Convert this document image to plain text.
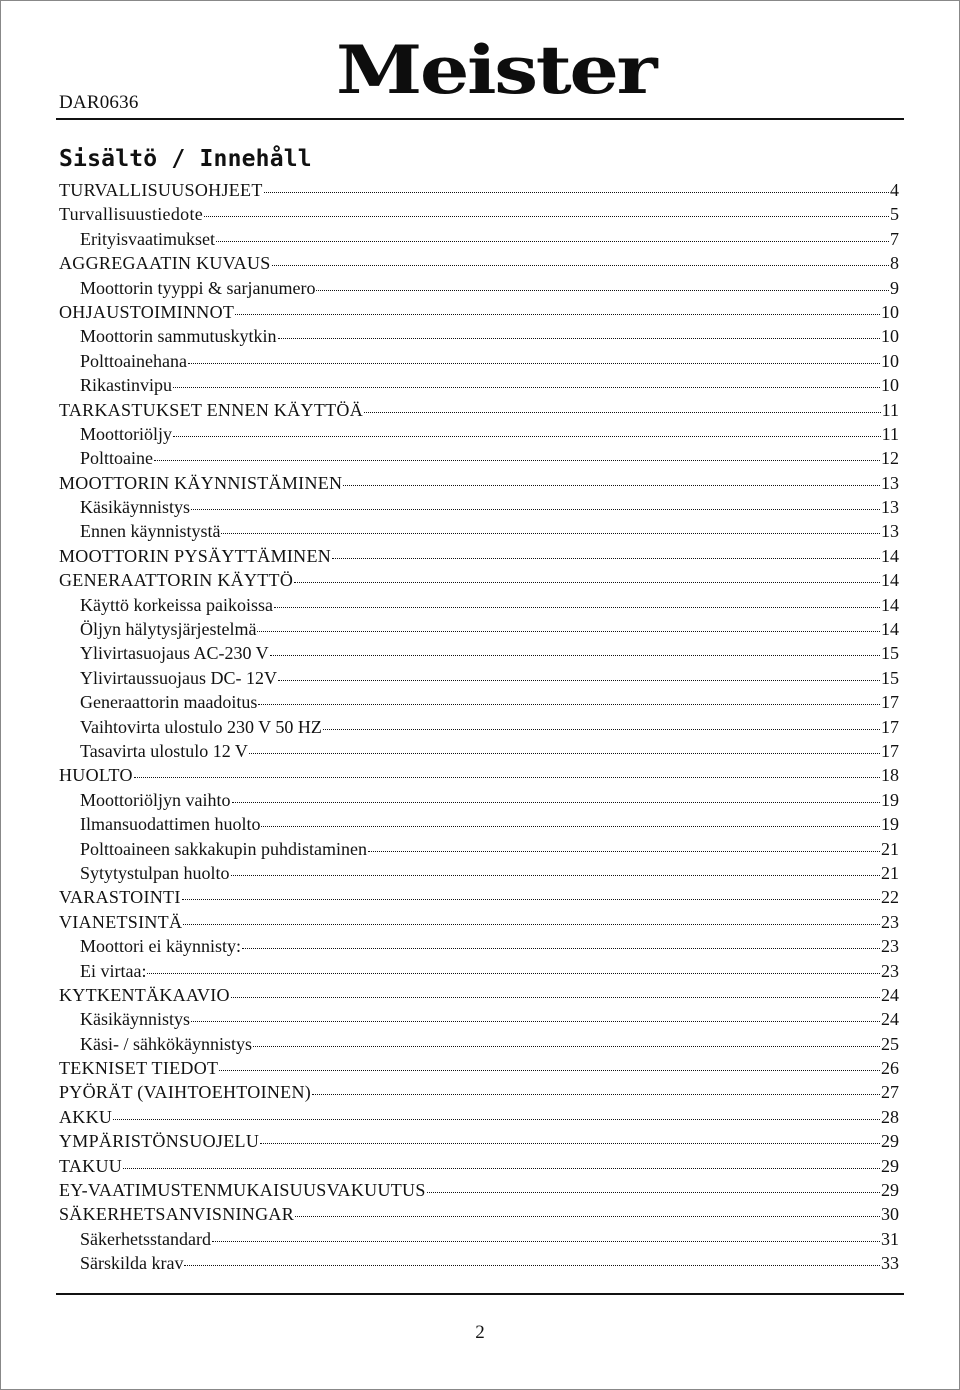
DAR0636	Meister
Sisältö / Innehåll
TURVALLISUUSOHJEET	4
Turvallisuustiedote	5
Erityisvaatimukset	7
AGGREGAATIN KUVAUS	8
Moottorin tyyppi & sarjanumero	9
OHJAUSTOIMINNOT	10
Moottorin sammutuskytkin	10
Polttoainehana	10
Rikastinvipu	10
TARKASTUKSET ENNEN KÄYTTÖÄ	11
Moottoriöljy	11
Polttoaine	12
MOOTTORIN KÄYNNISTÄMINEN	13
Käsikäynnistys	13
Ennen käynnistystä	13
MOOTTORIN PYSÄYTTÄMINEN	14
GENERAATTORIN KÄYTTÖ	14
Käyttö korkeissa paikoissa	14
Öljyn hälytysjärjestelmä	14
Ylivirtasuojaus AC-230 V	15
Ylivirtaussuojaus DC- 12V	15
Generaattorin maadoitus	17
Vaihtovirta ulostulo 230 V 50 HZ	17
Tasavirta ulostulo 12 V	17
HUOLTO	18
Moottoriöljyn vaihto	19
Ilmansuodattimen huolto	19
Polttoaineen sakkakupin puhdistaminen	21
Sytytystulpan huolto	21
VARASTOINTI	22
VIANETSINTÄ	23
Moottori ei käynnisty:	23
Ei virtaa:	23
KYTKENTÄKAAVIO	24
Käsikäynnistys	24
Käsi- / sähkökäynnistys	25
TEKNISET TIEDOT	26
PYÖRÄT (VAIHTOEHTOINEN)	27
AKKU	28
YMPÄRISTÖNSUOJELU	29
TAKUU	29
EY-VAATIMUSTENMUKAISUUSVAKUUTUS	29
SÄKERHETSANVISNINGAR	30
Säkerhetsstandard	31
Särskilda krav	33
2
